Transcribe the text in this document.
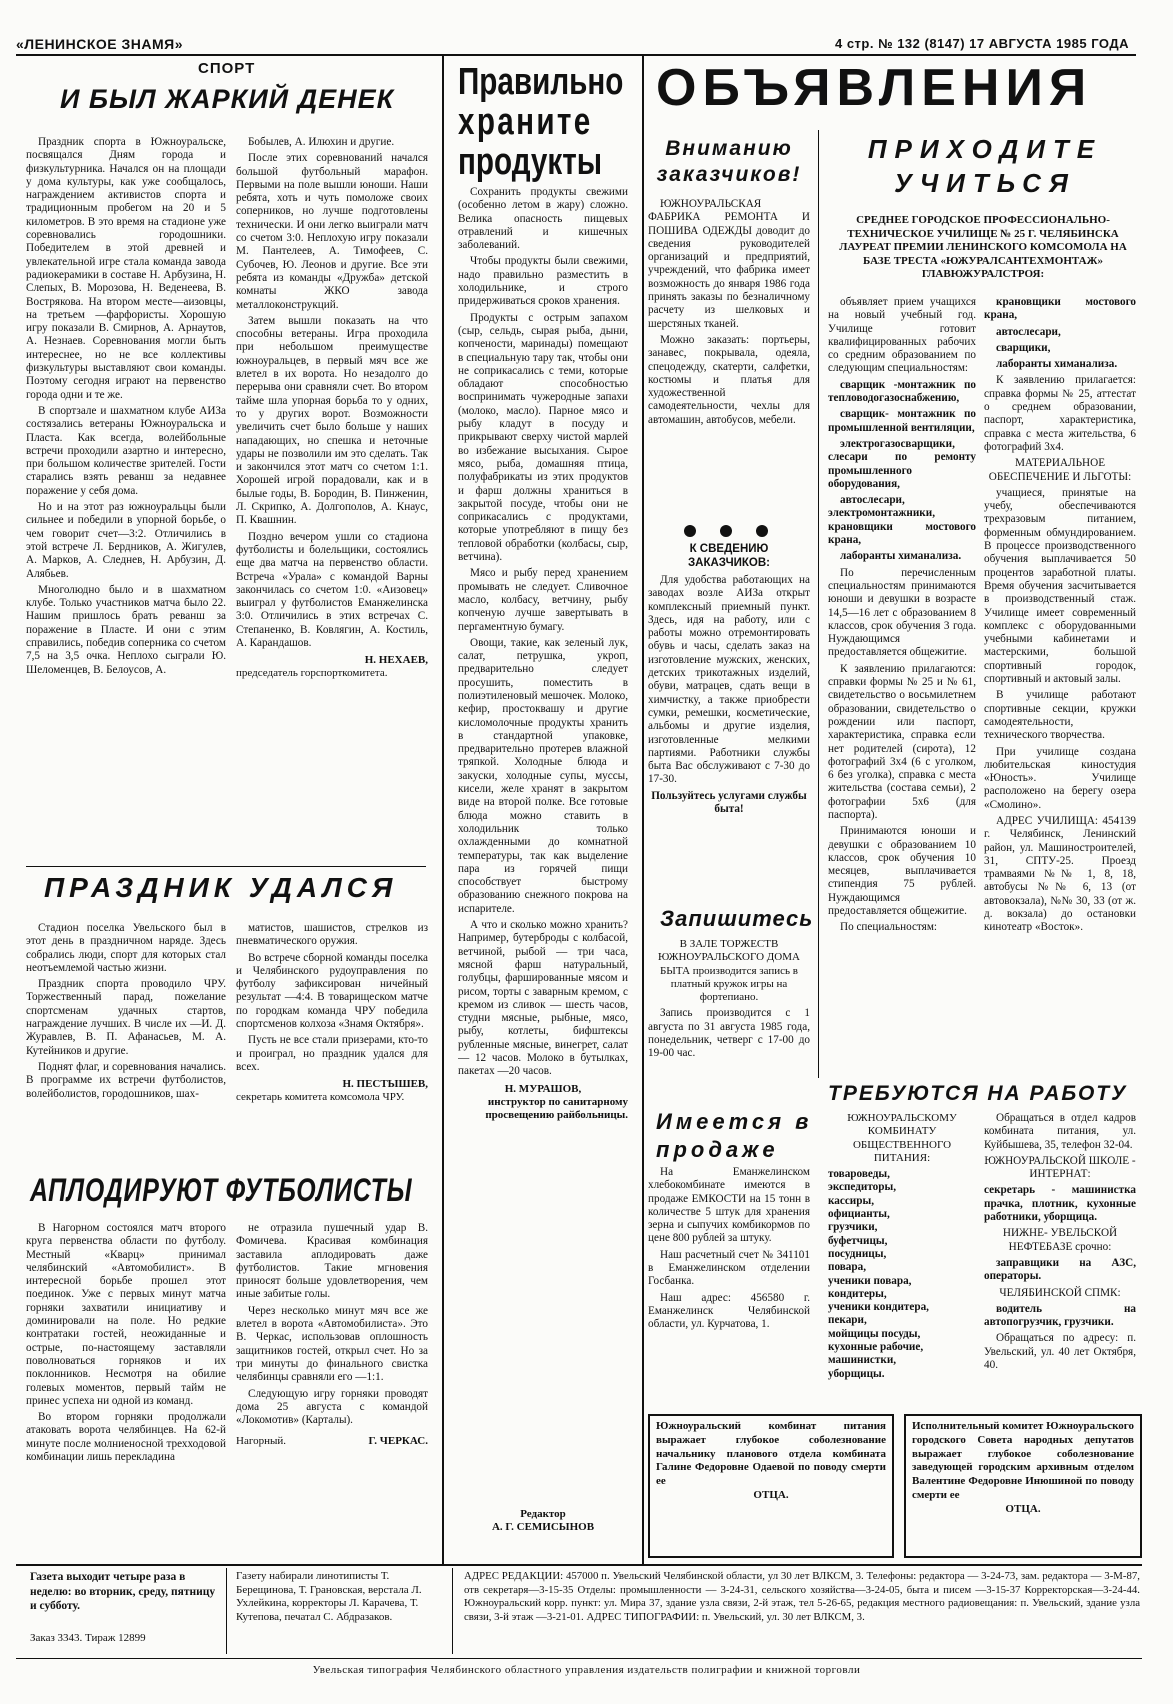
«ЛЕНИНСКОЕ ЗНАМЯ»	4 стр. № 132 (8147) 17 АВГУСТА 1985 ГОДА
СПОРТ
И БЫЛ ЖАРКИЙ ДЕНЕК

Праздник спорта в Южноуральске, посвящался Дням города и физкультурника. Начался он на площади у дома культуры, как уже сообщалось, награждением активистов спорта и традиционным пробегом на 20 и 5 километров. В это время на стадионе уже соревновались городошники. Победителем в этой древней и увлекательной игре стала команда завода радиокерамики в составе Н. Арбузина, Н. Слепых, В. Морозова, Н. Веденеева, В. Вострякова. На втором месте—аизовцы, на третьем —фарфористы. Хорошую игру показали В. Смирнов, А. Арнаутов, А. Незнаев. Соревнования могли быть интереснее, но не все коллективы физкультуры выставляют свои команды. Поэтому сегодня играют на первенство города одни и те же.

В спортзале и шахматном клубе АИЗа состязались ветераны Южноуральска и Пласта. Как всегда, волейбольные встречи проходили азартно и интересно, при большом количестве зрителей. Гости старались взять реванш за недавнее поражение у себя дома.

Но и на этот раз южноуральцы были сильнее и победили в упорной борьбе, о чем говорит счет—3:2. Отличились в этой встрече Л. Бердников, А. Жигулев, А. Марков, А. Следнев, Н. Арбузин, Д. Алябьев.

Многолюдно было и в шахматном клубе. Только участников матча было 22. Нашим пришлось брать реванш за поражение в Пласте. И они с этим справились, победив соперника со счетом 7,5 на 3,5 очка. Неплохо сыграли Ю. Шеломенцев, В. Белоусов, А.

Бобылев, А. Илюхин и другие.

После этих соревнований начался большой футбольный марафон. Первыми на поле вышли юноши. Наши ребята, хоть и чуть помоложе своих соперников, но лучше подготовлены технически. И они легко выиграли матч со счетом 3:0. Неплохую игру показали М. Пантелеев, А. Тимофеев, С. Субочев, Ю. Леонов и другие. Все эти ребята из команды «Дружба» детской комнаты ЖКО завода металлоконструкций.

Затем вышли показать на что способны ветераны. Игра проходила при небольшом преимуществе южноуральцев, в первый мяч все же влетел в их ворота. Но незадолго до перерыва они сравняли счет. Во втором тайме шла упорная борьба то у одних, то у других ворот. Возможности увеличить счет было больше у наших нападающих, но спешка и неточные удары не позволили им это сделать. Так и закончился этот матч со счетом 1:1. Хорошей игрой порадовали, как и в былые годы, В. Бородин, В. Пинженин, Л. Скрипко, А. Долгополов, А. Кнаус, П. Квашнин.

Поздно вечером ушли со стадиона футболисты и болельщики, состоялись еще два матча на первенство области. Встреча «Урала» с командой Варны закончилась со счетом 1:0. «Аизовец» выиграл у футболистов Еманжелинска 3:0. Отличились в этих встречах С. Степаненко, В. Ковлягин, А. Костиль, А. Карандашов.

Н. НЕХАЕВ,
председатель горспорткомитета.
ПРАЗДНИК УДАЛСЯ

Стадион поселка Увельского был в этот день в праздничном наряде. Здесь собрались люди, спорт для которых стал неотъемлемой частью жизни.

Праздник спорта проводило ЧРУ. Торжественный парад, пожелание спортсменам удачных стартов, награждение лучших. В числе их —И. Д. Журавлев, В. П. Афанасьев, М. А. Кутейников и другие.

Поднят флаг, и соревнования начались. В программе их встречи футболистов, волейболистов, городошников, шах-

матистов, шашистов, стрелков из пневматического оружия.

Во встрече сборной команды поселка и Челябинского рудоуправления по футболу зафиксирован ничейный результат —4:4. В товарищеском матче по городкам команда ЧРУ победила спортсменов колхоза «Знамя Октября».

Пусть не все стали призерами, кто-то и проиграл, но праздник удался для всех.

Н. ПЕСТЫШЕВ,
секретарь комитета комсомола ЧРУ.
АПЛОДИРУЮТ ФУТБОЛИСТЫ

В Нагорном состоялся матч второго круга первенства области по футболу. Местный «Кварц» принимал челябинский «Автомобилист». В интересной борьбе прошел этот поединок. Уже с первых минут матча горняки захватили инициативу и доминировали на поле. Но редкие контратаки гостей, неожиданные и острые, по-настоящему заставляли поволноваться горняков и их поклонников. Несмотря на обилие голевых моментов, первый тайм не принес успеха ни одной из команд.

Во втором горняки продолжали атаковать ворота челябинцев. На 62-й минуте после молниеносной трехходовой комбинации лишь перекладина

не отразила пушечный удар В. Фомичева. Красивая комбинация заставила аплодировать даже футболистов. Такие мгновения приносят больше удовлетворения, чем иные забитые голы.

Через несколько минут мяч все же влетел в ворота «Автомобилиста». Это В. Черкас, использовав оплошность защитников гостей, открыл счет. Но за три минуты до финального свистка челябинцы сравняли его —1:1.

Следующую игру горняки проводят дома 25 августа с командой «Локомотив» (Карталы).

Нагорный.	Г. ЧЕРКАС.
Правильно
храните
продукты

Сохранить продукты свежими (особенно летом в жару) сложно. Велика опасность пищевых отравлений и кишечных заболеваний.

Чтобы продукты были свежими, надо правильно разместить в холодильнике, и строго придерживаться сроков хранения.

Продукты с острым запахом (сыр, сельдь, сырая рыба, дыни, копчености, маринады) помещают в специальную тару так, чтобы они не соприкасались с теми, которые обладают способностью воспринимать чужеродные запахи (молоко, масло). Парное мясо и рыбу кладут в посуду и прикрывают сверху чистой марлей во избежание высыхания. Сырое мясо, рыба, домашняя птица, полуфабрикаты из этих продуктов и фарш должны храниться в закрытой посуде, чтобы они не соприкасались с продуктами, которые употребляют в пищу без тепловой обработки (колбасы, сыр, ветчина).

Мясо и рыбу перед хранением промывать не следует. Сливочное масло, колбасу, ветчину, рыбу копченую лучше завертывать в пергаментную бумагу.

Овощи, такие, как зеленый лук, салат, петрушка, укроп, предварительно следует просушить, поместить в полиэтиленовый мешочек. Молоко, кефир, простоквашу и другие кисломолочные продукты хранить в стандартной упаковке, предварительно протерев влажной тряпкой. Холодные блюда и закуски, холодные супы, муссы, кисели, желе хранят в закрытом виде на второй полке. Все готовые блюда можно ставить в холодильник только охлажденными до комнатной температуры, так как выделение пара из горячей пищи способствует быстрому образованию снежного покрова на испарителе.

А что и сколько можно хранить? Например, бутерброды с колбасой, ветчиной, рыбой — три часа, мясной фарш натуральный, голубцы, фаршированные мясом и рисом, торты с заварным кремом, с кремом из сливок — шесть часов, студни мясные, рыбные, мясо, рыбу, котлеты, бифштексы рубленные мясные, винегрет, салат — 12 часов. Молоко в бутылках, пакетах —20 часов.

Н. МУРАШОВ,
инструктор по санитарному просвещению райбольницы.
Редактор
А. Г. СЕМИСЫНОВ
ОБЪЯВЛЕНИЯ
Вниманию заказчиков!

ЮЖНОУРАЛЬСКАЯ ФАБРИКА РЕМОНТА И ПОШИВА ОДЕЖДЫ доводит до сведения руководителей организаций и предприятий, учреждений, что фабрика имеет возможность до января 1986 года принять заказы по безналичному расчету из шелковых и шерстяных тканей.

Можно заказать: портьеры, занавес, покрывала, одеяла, спецодежду, скатерти, салфетки, костюмы и платья для художественной самодеятельности, чехлы для автомашин, автобусов, мебели.

К СВЕДЕНИЮ ЗАКАЗЧИКОВ:

Для удобства работающих на заводах возле АИЗа открыт комплексный приемный пункт. Здесь, идя на работу, или с работы можно отремонтировать обувь и часы, сделать заказ на изготовление мужских, женских, детских трикотажных изделий, обуви, матрацев, сдать вещи в химчистку, а также приобрести сумки, ремешки, косметические, альбомы и другие изделия, изготовленные мелкими партиями. Работники службы быта Вас обслуживают с 7-30 до 17-30.

Пользуйтесь услугами службы быта!

Запишитесь

В ЗАЛЕ ТОРЖЕСТВ ЮЖНОУРАЛЬСКОГО ДОМА БЫТА производится запись в платный кружок игры на фортепиано.

Запись производится с 1 августа по 31 августа 1985 года, понедельник, четверг с 17-00 до 19-00 час.

Имеется в продаже

На Еманжелинском хлебокомбинате имеются в продаже ЕМКОСТИ на 15 тонн в количестве 5 штук для хранения зерна и сыпучих комбикормов по цене 800 рублей за штуку.

Наш расчетный счет № 341101 в Еманжелинском отделении Госбанка.

Наш адрес: 456580 г. Еманжелинск Челябинской области, ул. Курчатова, 1.

ПРИХОДИТЕ УЧИТЬСЯ
СРЕДНЕЕ ГОРОДСКОЕ ПРОФЕССИОНАЛЬНО-ТЕХНИЧЕСКОЕ УЧИЛИЩЕ № 25 Г. ЧЕЛЯБИНСКА ЛАУРЕАТ ПРЕМИИ ЛЕНИНСКОГО КОМСОМОЛА НА БАЗЕ ТРЕСТА «ЮЖУРАЛСАНТЕХМОНТАЖ» ГЛАВЮЖУРАЛСТРОЯ:

объявляет прием учащихся на новый учебный год. Училище готовит квалифицированных рабочих со средним образованием по следующим специальностям:

сварщик -монтажник по тепловодогазоснабжению,

сварщик- монтажник по промышленной вентиляции,

электрогазосварщики, слесари по ремонту промышленного оборудования,

автослесари, электромонтажники, крановщики мостового крана,

лаборанты химанализа.

По перечисленным специальностям принимаются юноши и девушки в возрасте 14,5—16 лет с образованием 8 классов, срок обучения 3 года. Нуждающимся предоставляется общежитие.

К заявлению прилагаются: справки формы № 25 и № 61, свидетельство о восьмилетнем образовании, свидетельство о рождении или паспорт, характеристика, справка если нет родителей (сирота), 12 фотографий 3х4 (6 с уголком, 6 без уголка), справка с места жительства (состава семьи), 2 фотографии 5х6 (для паспорта).

Принимаются юноши и девушки с образованием 10 классов, срок обучения 10 месяцев, выплачивается стипендия 75 рублей. Нуждающимся предоставляется общежитие.

По специальностям:

крановщики мостового крана,

автослесари,

сварщики,

лаборанты химанализа.

К заявлению прилагается: справка формы № 25, аттестат о среднем образовании, паспорт, характеристика, справка с места жительства, 6 фотографий 3х4.

МАТЕРИАЛЬНОЕ ОБЕСПЕЧЕНИЕ И ЛЬГОТЫ:

учащиеся, принятые на учебу, обеспечиваются трехразовым питанием, форменным обмундированием. В процессе производственного обучения выплачивается 50 процентов заработной платы. Время обучения засчитывается в производственный стаж. Училище имеет современный комплекс с оборудованными учебными кабинетами и мастерскими, большой спортивный городок, спортивный и актовый залы.

В училище работают спортивные секции, кружки самодеятельности, технического творчества.

При училище создана любительская киностудия «Юность». Училище расположено на берегу озера «Смолино».

АДРЕС УЧИЛИЩА: 454139 г. Челябинск, Ленинский район, ул. Машиностроителей, 31, СПТУ-25. Проезд трамваями №№ 1, 8, 18, автобусы №№ 6, 13 (от автовокзала), №№ 30, 33 (от ж. д. вокзала) до остановки кинотеатр «Восток».

ТРЕБУЮТСЯ НА РАБОТУ

ЮЖНОУРАЛЬСКОМУ КОМБИНАТУ ОБЩЕСТВЕННОГО ПИТАНИЯ:

товароведы,

экспедиторы,

кассиры,

официанты,

грузчики,

буфетчицы,

посудницы,

повара,

ученики повара,

кондитеры,

ученики кондитера,

пекари,

мойщицы посуды,

кухонные рабочие,

машинистки,

уборщицы.

Обращаться в отдел кадров комбината питания, ул. Куйбышева, 35, телефон 32-04.

ЮЖНОУРАЛЬСКОЙ ШКОЛЕ - ИНТЕРНАТ:

секретарь - машинистка прачка, плотник, кухонные работники, уборщица.

НИЖНЕ- УВЕЛЬСКОЙ НЕФТЕБАЗЕ срочно:

заправщики на АЗС, операторы.

ЧЕЛЯБИНСКОЙ СПМК:

водитель на автопогрузчик, грузчики.

Обращаться по адресу: п. Увельский, ул. 40 лет Октября, 40.

Южноуральский комбинат питания выражает глубокое соболезнование начальнику планового отдела комбината Галине Федоровне Одаевой по поводу смерти ее

ОТЦА.

Исполнительный комитет Южноуральского городского Совета народных депутатов выражает глубокое соболезнование заведующей городским архивным отделом Валентине Федоровне Инюшиной по поводу смерти ее

ОТЦА.

Газета выходит четыре раза в неделю: во вторник, среду, пятницу и субботу.
Заказ 3343. Тираж 12899
Газету набирали линотиписты Т. Берещинова, Т. Грановская, верстала Л. Ухлейкина, корректоры Л. Карачева, Т. Кутепова, печатал С. Абдразаков.
АДРЕС РЕДАКЦИИ: 457000 п. Увельский Челябинской области, ул 30 лет ВЛКСМ, 3. Телефоны: редактора — 3-24-73, зам. редактора — 3-М-87, отв секретаря—3-15-35 Отделы: промышленности — 3-24-31, сельского хозяйства—3-24-05, быта и писем —3-15-37 Корректорская—3-24-44. Южноуральский корр. пункт: ул. Мира 37, здание узла связи, 2-й этаж, тел 5-26-65, редакция местного радиовещания: п. Увельский, здание узла связи, 3-й этаж —3-21-01. АДРЕС ТИПОГРАФИИ: п. Увельский, ул. 30 лет ВЛКСМ, 3.
Увельская типография Челябинского областного управления издательств полиграфии и книжной торговли
